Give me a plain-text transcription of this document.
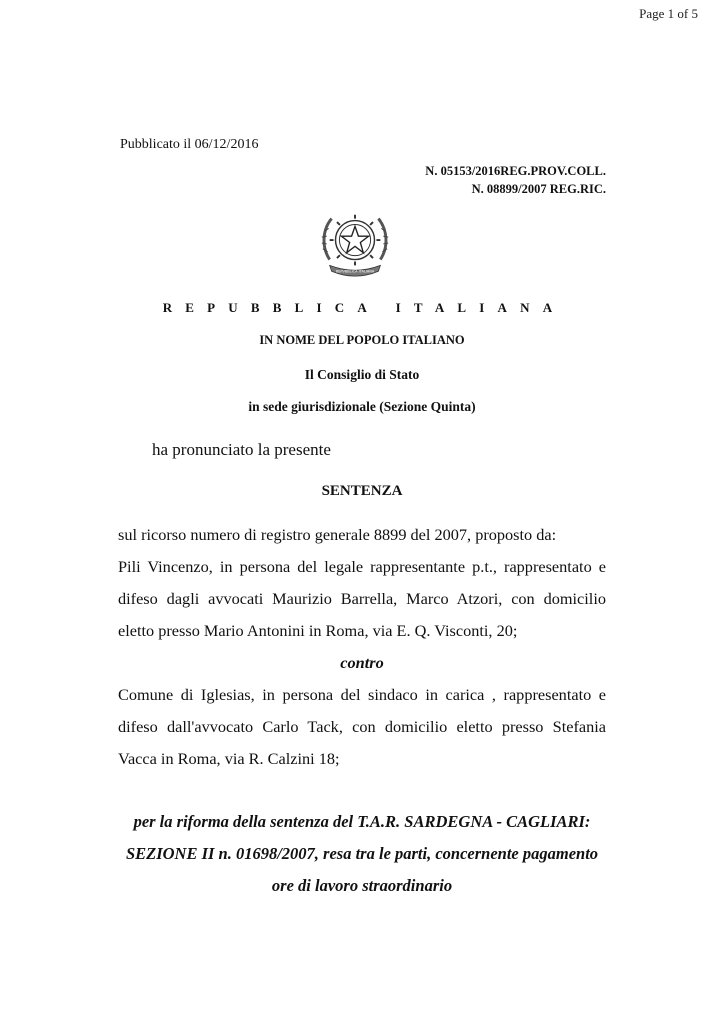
Page 1 of 5
Pubblicato il 06/12/2016
N. 05153/2016REG.PROV.COLL.
N. 08899/2007 REG.RIC.
REPVBBLICA ITALIANA
REPUBBLICA ITALIANA
IN NOME DEL POPOLO ITALIANO
Il Consiglio di Stato
in sede giurisdizionale (Sezione Quinta)
ha pronunciato la presente
SENTENZA

sul ricorso numero di registro generale 8899 del 2007, proposto da:

Pili Vincenzo, in persona del legale rappresentante p.t., rappresentato e difeso dagli avvocati Maurizio Barrella, Marco Atzori, con domicilio eletto presso Mario Antonini in Roma, via E. Q. Visconti, 20;

contro

Comune di Iglesias, in persona del sindaco in carica , rappresentato e difeso dall'avvocato Carlo Tack, con domicilio eletto presso Stefania Vacca in Roma, via R. Calzini 18;

per la riforma della sentenza del T.A.R. SARDEGNA - CAGLIARI: SEZIONE II n. 01698/2007, resa tra le parti, concernente pagamento ore di lavoro straordinario
